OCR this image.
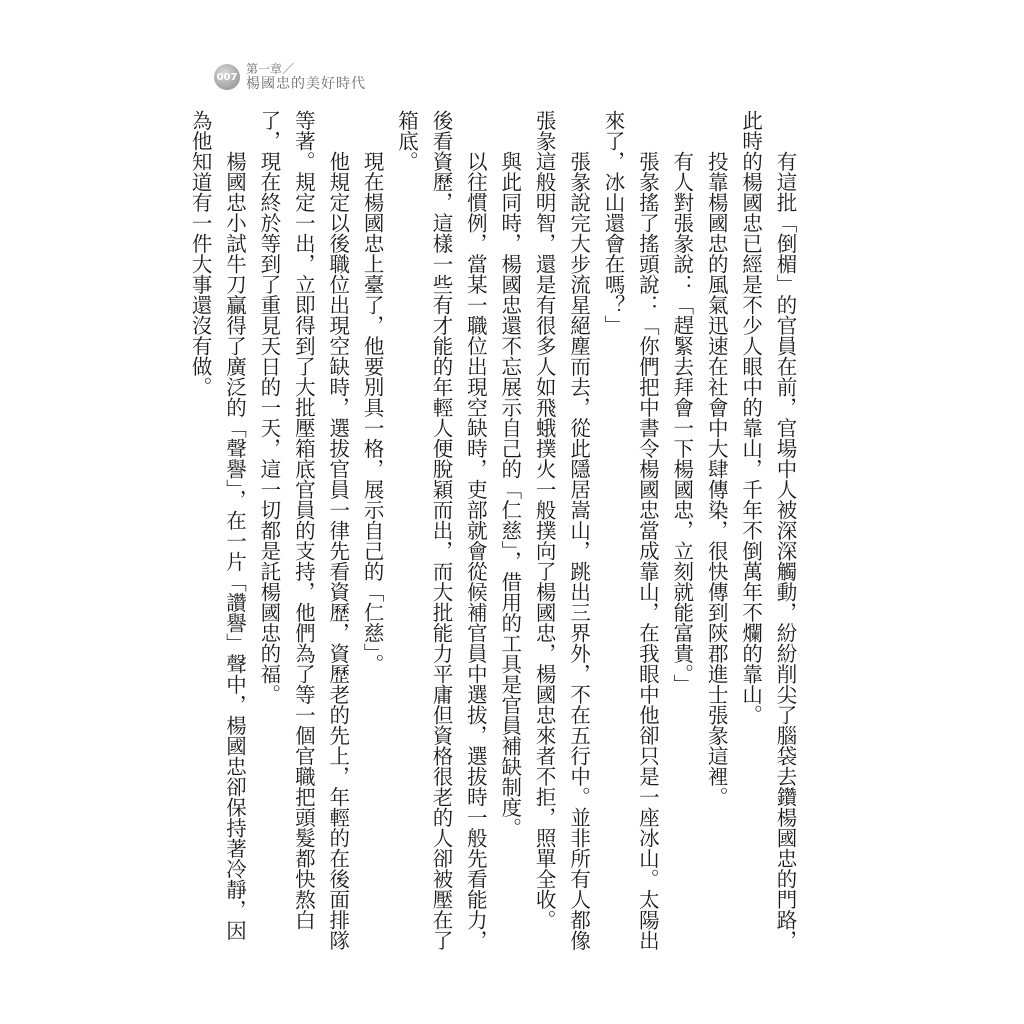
007
第一章／
楊國忠的美好時代

有這批「倒楣」的官員在前，官場中人被深深觸動，紛紛削尖了腦袋去鑽楊國忠的門路，此時的楊國忠已經是不少人眼中的靠山，千年不倒萬年不爛的靠山。

投靠楊國忠的風氣迅速在社會中大肆傳染，很快傳到陝郡進士張彖這裡。

有人對張彖說：「趕緊去拜會一下楊國忠，立刻就能富貴。」

張彖搖了搖頭說：「你們把中書令楊國忠當成靠山，在我眼中他卻只是一座冰山。太陽出來了，冰山還會在嗎？」

張彖說完大步流星絕塵而去，從此隱居嵩山，跳出三界外，不在五行中。並非所有人都像張彖這般明智，還是有很多人如飛蛾撲火一般撲向了楊國忠，楊國忠來者不拒，照單全收。

與此同時，楊國忠還不忘展示自己的「仁慈」，借用的工具是官員補缺制度。

以往慣例，當某一職位出現空缺時，吏部就會從候補官員中選拔，選拔時一般先看能力，後看資歷，這樣一些有才能的年輕人便脫穎而出，而大批能力平庸但資格很老的人卻被壓在了箱底。

現在楊國忠上臺了，他要別具一格，展示自己的「仁慈」。

他規定以後職位出現空缺時，選拔官員一律先看資歷，資歷老的先上，年輕的在後面排隊等著。規定一出，立即得到了大批壓箱底官員的支持，他們為了等一個官職把頭髮都快熬白了，現在終於等到了重見天日的一天，這一切都是託楊國忠的福。

楊國忠小試牛刀贏得了廣泛的「聲譽」，在一片「讚譽」聲中，楊國忠卻保持著冷靜，因為他知道有一件大事還沒有做。
